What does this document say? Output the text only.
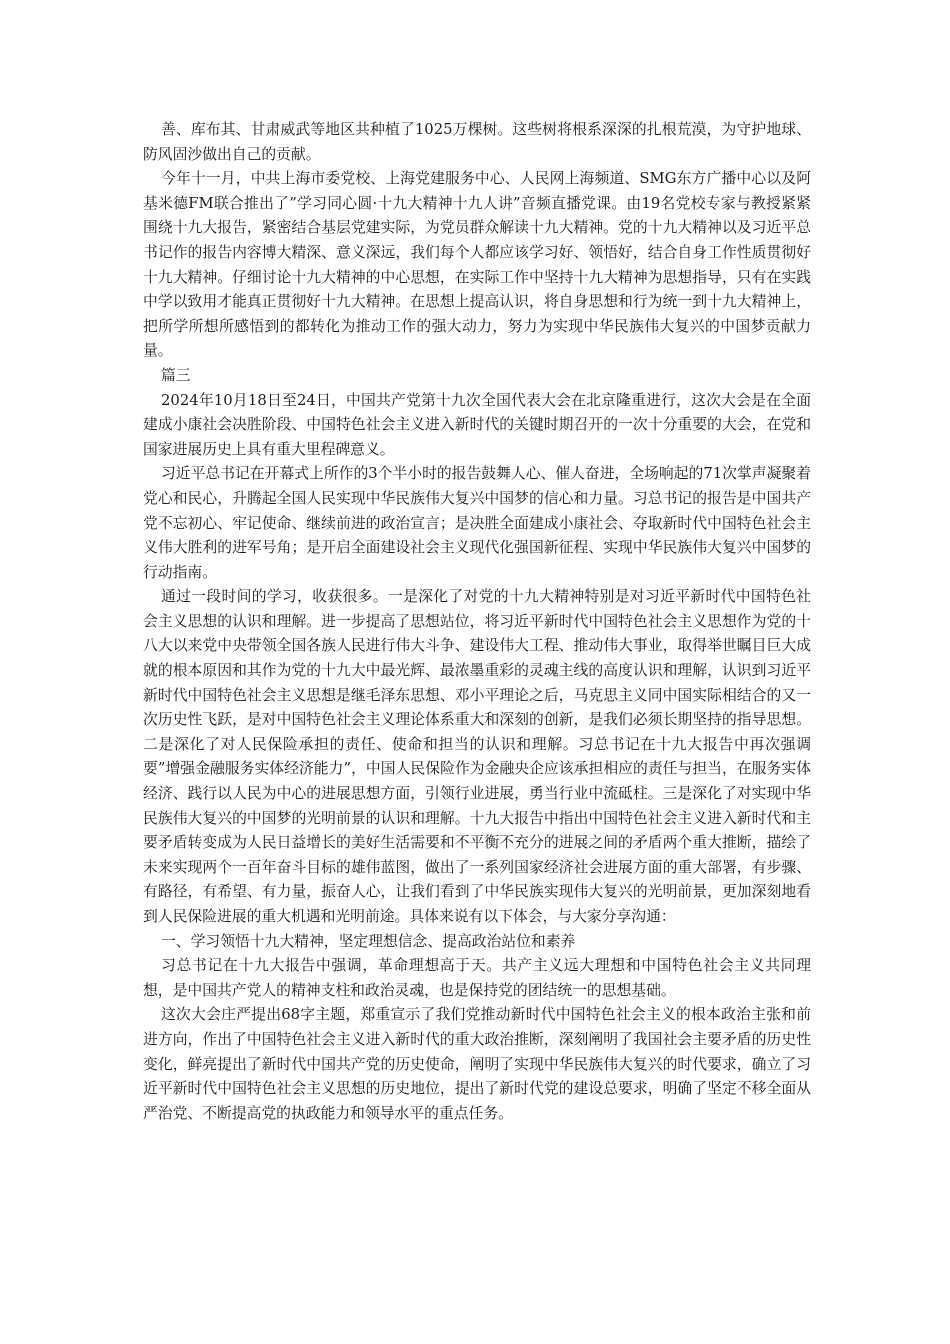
善、库布其、甘肃威武等地区共种植了1025万棵树。这些树将根系深深的扎根荒漠，为守护地球、防风固沙做出自己的贡献。

今年十一月，中共上海市委党校、上海党建服务中心、人民网上海频道、SMG东方广播中心以及阿基米德FM联合推出了”学习同心圆·十九大精神十九人讲”音频直播党课。由19名党校专家与教授紧紧围绕十九大报告，紧密结合基层党建实际，为党员群众解读十九大精神。党的十九大精神以及习近平总书记作的报告内容博大精深、意义深远，我们每个人都应该学习好、领悟好，结合自身工作性质贯彻好十九大精神。仔细讨论十九大精神的中心思想，在实际工作中坚持十九大精神为思想指导，只有在实践中学以致用才能真正贯彻好十九大精神。在思想上提高认识，将自身思想和行为统一到十九大精神上，把所学所想所感悟到的都转化为推动工作的强大动力，努力为实现中华民族伟大复兴的中国梦贡献力量。

篇三

2024年10月18日至24日，中国共产党第十九次全国代表大会在北京隆重进行，这次大会是在全面建成小康社会决胜阶段、中国特色社会主义进入新时代的关键时期召开的一次十分重要的大会，在党和国家进展历史上具有重大里程碑意义。

习近平总书记在开幕式上所作的3个半小时的报告鼓舞人心、催人奋进，全场响起的71次掌声凝聚着党心和民心，升腾起全国人民实现中华民族伟大复兴中国梦的信心和力量。习总书记的报告是中国共产党不忘初心、牢记使命、继续前进的政治宣言；是决胜全面建成小康社会、夺取新时代中国特色社会主义伟大胜利的进军号角；是开启全面建设社会主义现代化强国新征程、实现中华民族伟大复兴中国梦的行动指南。

通过一段时间的学习，收获很多。一是深化了对党的十九大精神特别是对习近平新时代中国特色社会主义思想的认识和理解。进一步提高了思想站位，将习近平新时代中国特色社会主义思想作为党的十八大以来党中央带领全国各族人民进行伟大斗争、建设伟大工程、推动伟大事业，取得举世瞩目巨大成就的根本原因和其作为党的十九大中最光辉、最浓墨重彩的灵魂主线的高度认识和理解，认识到习近平新时代中国特色社会主义思想是继毛泽东思想、邓小平理论之后，马克思主义同中国实际相结合的又一次历史性飞跃，是对中国特色社会主义理论体系重大和深刻的创新，是我们必须长期坚持的指导思想。二是深化了对人民保险承担的责任、使命和担当的认识和理解。习总书记在十九大报告中再次强调要”增强金融服务实体经济能力”，中国人民保险作为金融央企应该承担相应的责任与担当，在服务实体经济、践行以人民为中心的进展思想方面，引领行业进展，勇当行业中流砥柱。三是深化了对实现中华民族伟大复兴的中国梦的光明前景的认识和理解。十九大报告中指出中国特色社会主义进入新时代和主要矛盾转变成为人民日益增长的美好生活需要和不平衡不充分的进展之间的矛盾两个重大推断，描绘了未来实现两个一百年奋斗目标的雄伟蓝图，做出了一系列国家经济社会进展方面的重大部署，有步骤、有路径，有希望、有力量，振奋人心，让我们看到了中华民族实现伟大复兴的光明前景，更加深刻地看到人民保险进展的重大机遇和光明前途。具体来说有以下体会，与大家分享沟通：

一、学习领悟十九大精神，坚定理想信念、提高政治站位和素养

习总书记在十九大报告中强调，革命理想高于天。共产主义远大理想和中国特色社会主义共同理想，是中国共产党人的精神支柱和政治灵魂，也是保持党的团结统一的思想基础。

这次大会庄严提出68字主题，郑重宣示了我们党推动新时代中国特色社会主义的根本政治主张和前进方向，作出了中国特色社会主义进入新时代的重大政治推断，深刻阐明了我国社会主要矛盾的历史性变化，鲜亮提出了新时代中国共产党的历史使命，阐明了实现中华民族伟大复兴的时代要求，确立了习近平新时代中国特色社会主义思想的历史地位，提出了新时代党的建设总要求，明确了坚定不移全面从严治党、不断提高党的执政能力和领导水平的重点任务。
